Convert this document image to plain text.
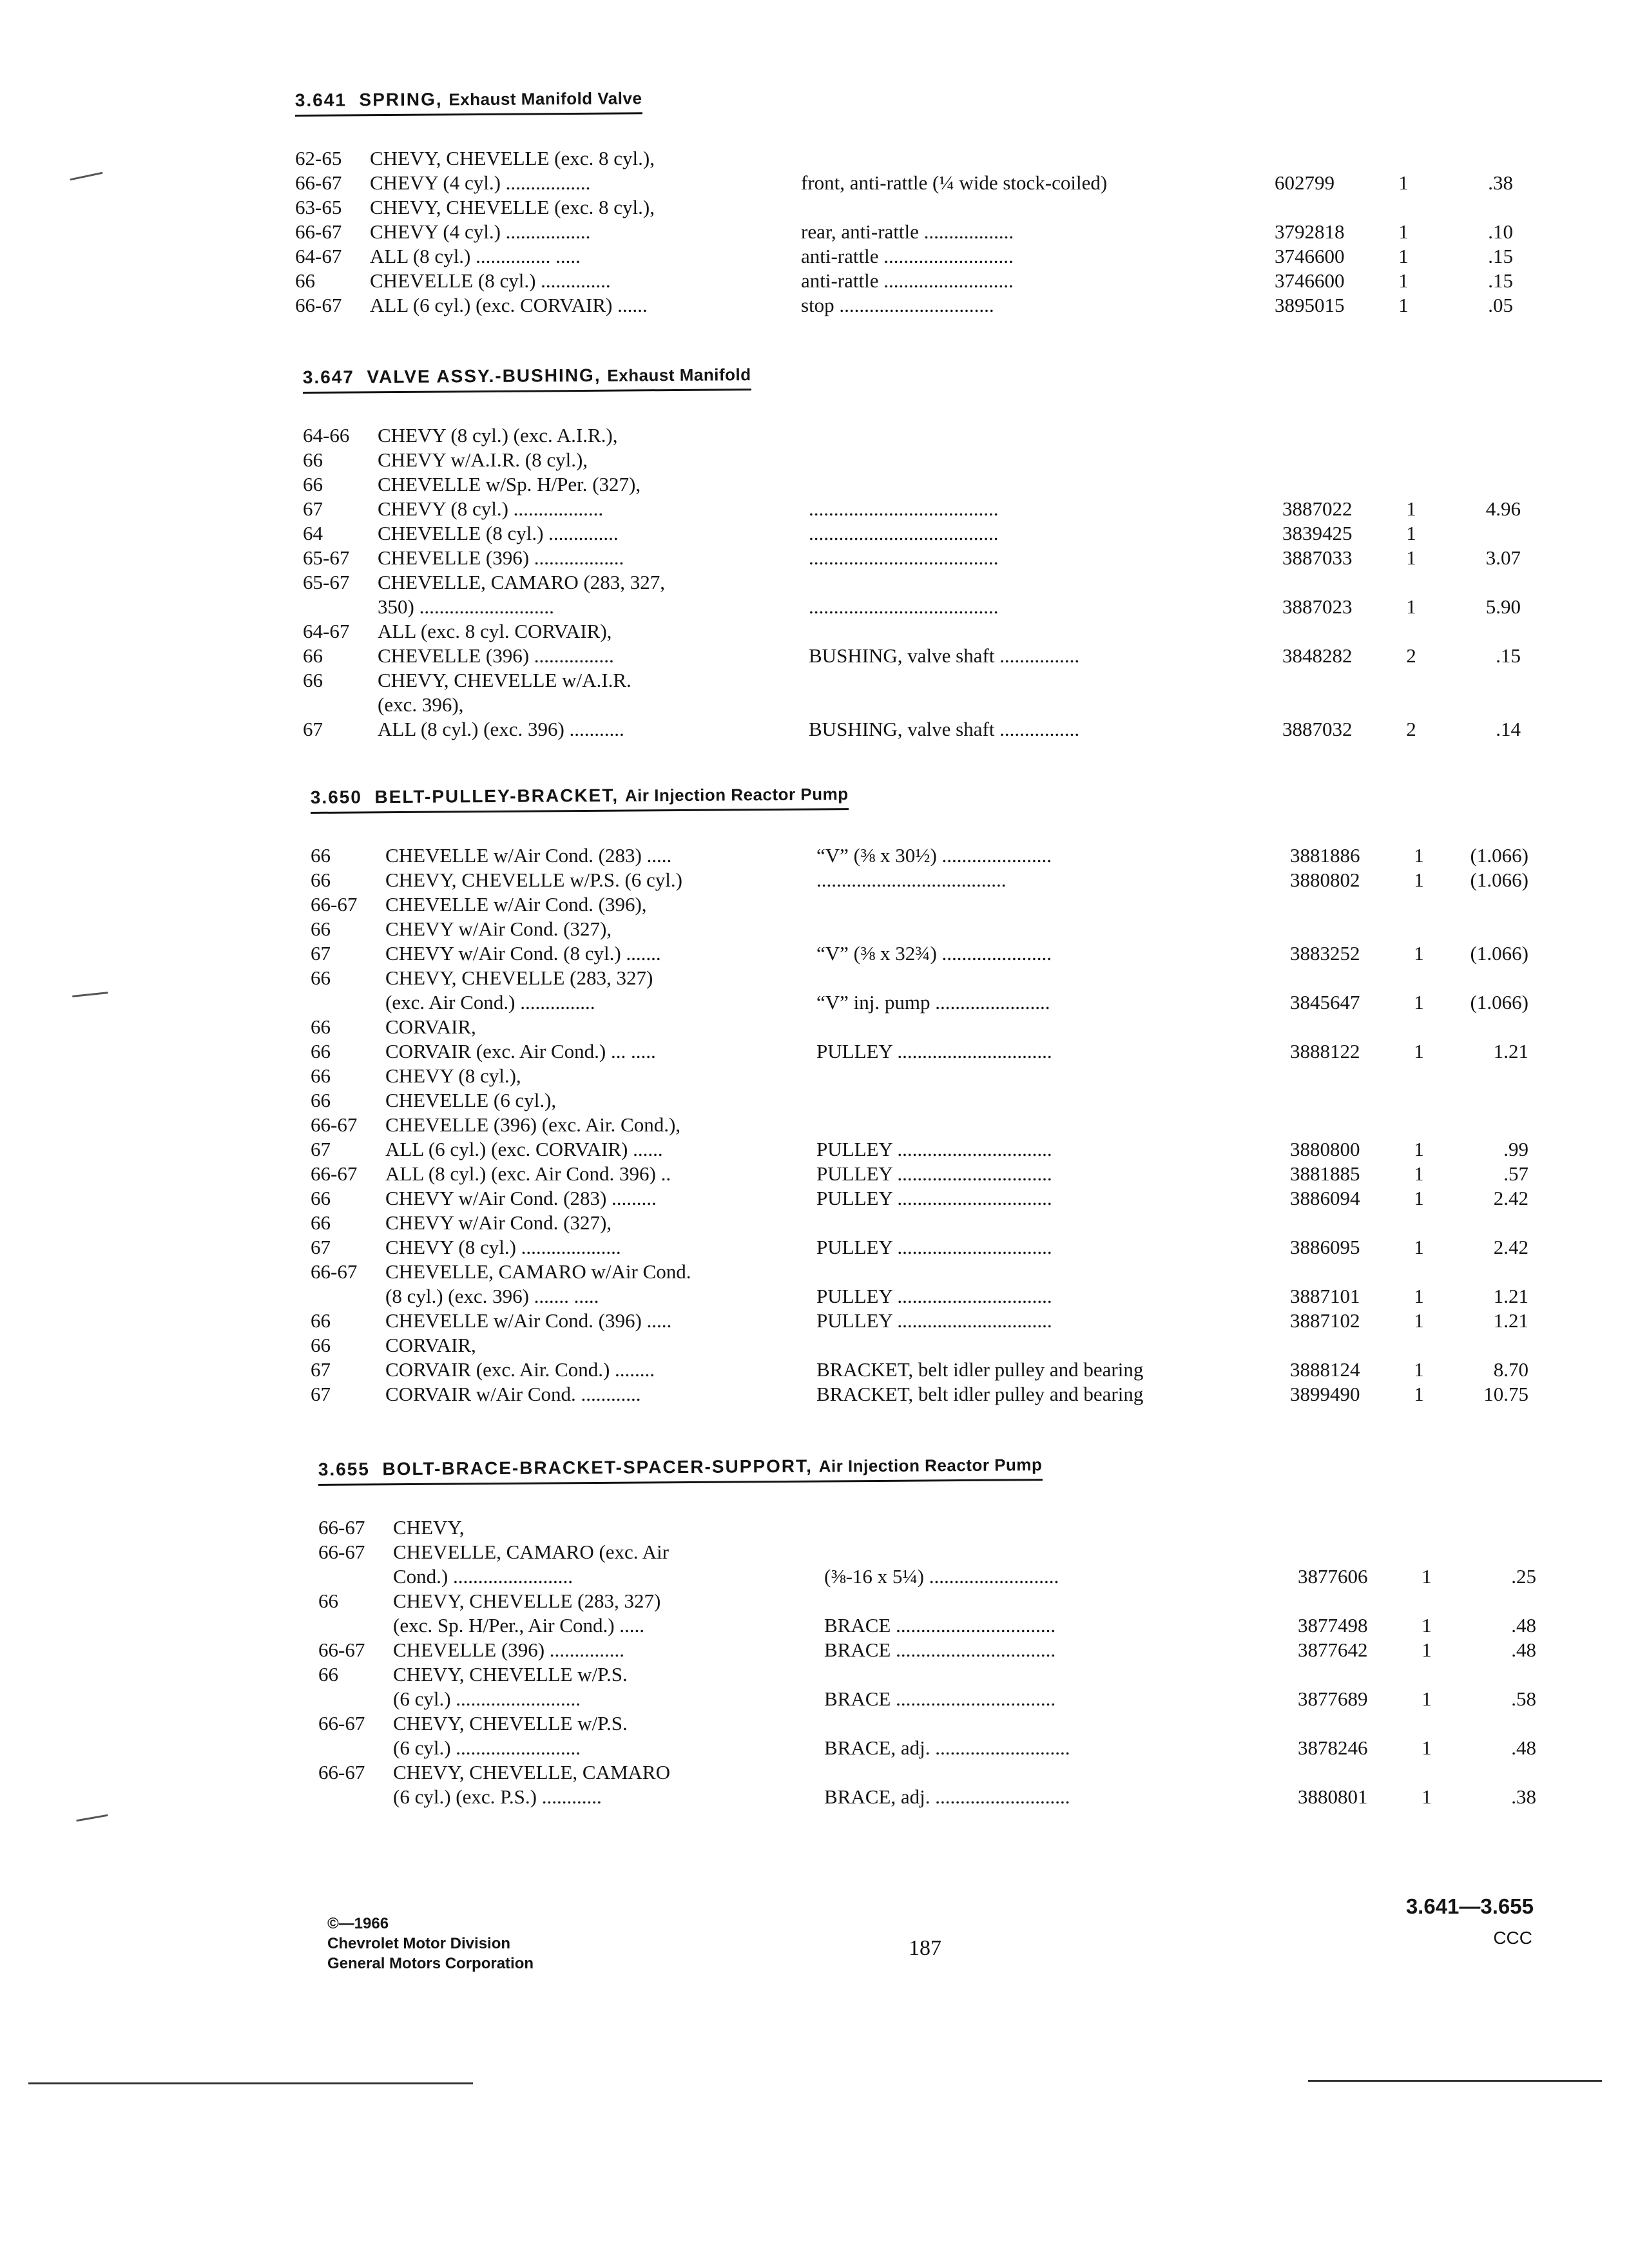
3.641 SPRING, Exhaust Manifold Valve
62-65	CHEVY, CHEVELLE (exc. 8 cyl.),
66-67	CHEVY (4 cyl.) .................	front, anti-rattle (¼ wide stock-coiled)	602799	1	.38
63-65	CHEVY, CHEVELLE (exc. 8 cyl.),
66-67	CHEVY (4 cyl.) .................	rear, anti-rattle ..................	3792818	1	.10
64-67	ALL (8 cyl.) ............... .....	anti-rattle ..........................	3746600	1	.15
66	CHEVELLE (8 cyl.) ..............	anti-rattle ..........................	3746600	1	.15
66-67	ALL (6 cyl.) (exc. CORVAIR) ......	stop ...............................	3895015	1	.05
3.647 VALVE ASSY.-BUSHING, Exhaust Manifold
64-66	CHEVY (8 cyl.) (exc. A.I.R.),
66	CHEVY w/A.I.R. (8 cyl.),
66	CHEVELLE w/Sp. H/Per. (327),
67	CHEVY (8 cyl.) ..................	......................................	3887022	1	4.96
64	CHEVELLE (8 cyl.) ..............	......................................	3839425	1
65-67	CHEVELLE (396) ..................	......................................	3887033	1	3.07
65-67	CHEVELLE, CAMARO (283, 327,
350) ...........................	......................................	3887023	1	5.90
64-67	ALL (exc. 8 cyl. CORVAIR),
66	CHEVELLE (396) ................	BUSHING, valve shaft ................	3848282	2	.15
66	CHEVY, CHEVELLE w/A.I.R.
(exc. 396),
67	ALL (8 cyl.) (exc. 396) ...........	BUSHING, valve shaft ................	3887032	2	.14
3.650 BELT-PULLEY-BRACKET, Air Injection Reactor Pump
66	CHEVELLE w/Air Cond. (283) .....	“V” (⅜ x 30½) ......................	3881886	1	(1.066)
66	CHEVY, CHEVELLE w/P.S. (6 cyl.)	......................................	3880802	1	(1.066)
66-67	CHEVELLE w/Air Cond. (396),
66	CHEVY w/Air Cond. (327),
67	CHEVY w/Air Cond. (8 cyl.) .......	“V” (⅜ x 32¾) ......................	3883252	1	(1.066)
66	CHEVY, CHEVELLE (283, 327)
(exc. Air Cond.) ...............	“V” inj. pump .......................	3845647	1	(1.066)
66	CORVAIR,
66	CORVAIR (exc. Air Cond.) ... .....	PULLEY ...............................	3888122	1	1.21
66	CHEVY (8 cyl.),
66	CHEVELLE (6 cyl.),
66-67	CHEVELLE (396) (exc. Air. Cond.),
67	ALL (6 cyl.) (exc. CORVAIR) ......	PULLEY ...............................	3880800	1	.99
66-67	ALL (8 cyl.) (exc. Air Cond. 396) ..	PULLEY ...............................	3881885	1	.57
66	CHEVY w/Air Cond. (283) .........	PULLEY ...............................	3886094	1	2.42
66	CHEVY w/Air Cond. (327),
67	CHEVY (8 cyl.) ....................	PULLEY ...............................	3886095	1	2.42
66-67	CHEVELLE, CAMARO w/Air Cond.
(8 cyl.) (exc. 396) ....... .....	PULLEY ...............................	3887101	1	1.21
66	CHEVELLE w/Air Cond. (396) .....	PULLEY ...............................	3887102	1	1.21
66	CORVAIR,
67	CORVAIR (exc. Air. Cond.) ........	BRACKET, belt idler pulley and bearing	3888124	1	8.70
67	CORVAIR w/Air Cond. ............	BRACKET, belt idler pulley and bearing	3899490	1	10.75
3.655 BOLT-BRACE-BRACKET-SPACER-SUPPORT, Air Injection Reactor Pump
66-67	CHEVY,
66-67	CHEVELLE, CAMARO (exc. Air
Cond.) ........................	(⅜-16 x 5¼) ..........................	3877606	1	.25
66	CHEVY, CHEVELLE (283, 327)
(exc. Sp. H/Per., Air Cond.) .....	BRACE ................................	3877498	1	.48
66-67	CHEVELLE (396) ...............	BRACE ................................	3877642	1	.48
66	CHEVY, CHEVELLE w/P.S.
(6 cyl.) .........................	BRACE ................................	3877689	1	.58
66-67	CHEVY, CHEVELLE w/P.S.
(6 cyl.) .........................	BRACE, adj. ...........................	3878246	1	.48
66-67	CHEVY, CHEVELLE, CAMARO
(6 cyl.) (exc. P.S.) ............	BRACE, adj. ...........................	3880801	1	.38
©—1966
Chevrolet Motor Division
General Motors Corporation
187
3.641—3.655
CCC
